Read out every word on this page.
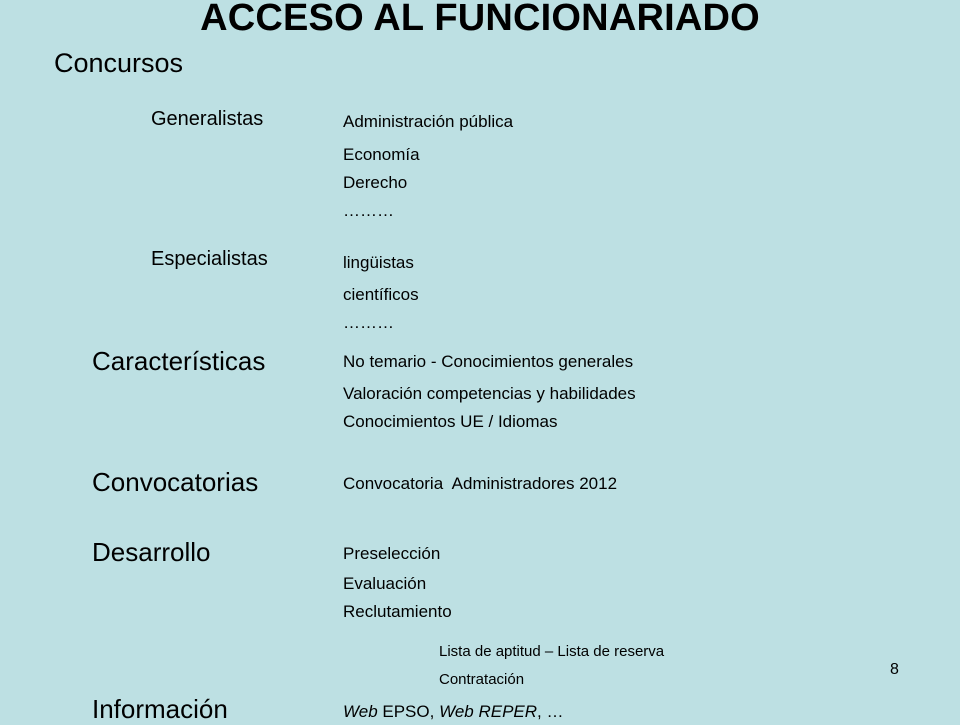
ACCESO AL FUNCIONARIADO
Concursos
Generalistas	Administración pública
Economía
Derecho
………
Especialistas	lingüistas
científicos
………
Características	No temario - Conocimientos generales
Valoración competencias y habilidades
Conocimientos UE / Idiomas
Convocatorias	Convocatoria  Administradores 2012
Desarrollo	Preselección
Evaluación
Reclutamiento
Lista de aptitud – Lista de reserva
Contratación
Información	Web EPSO, Web REPER, …
8
